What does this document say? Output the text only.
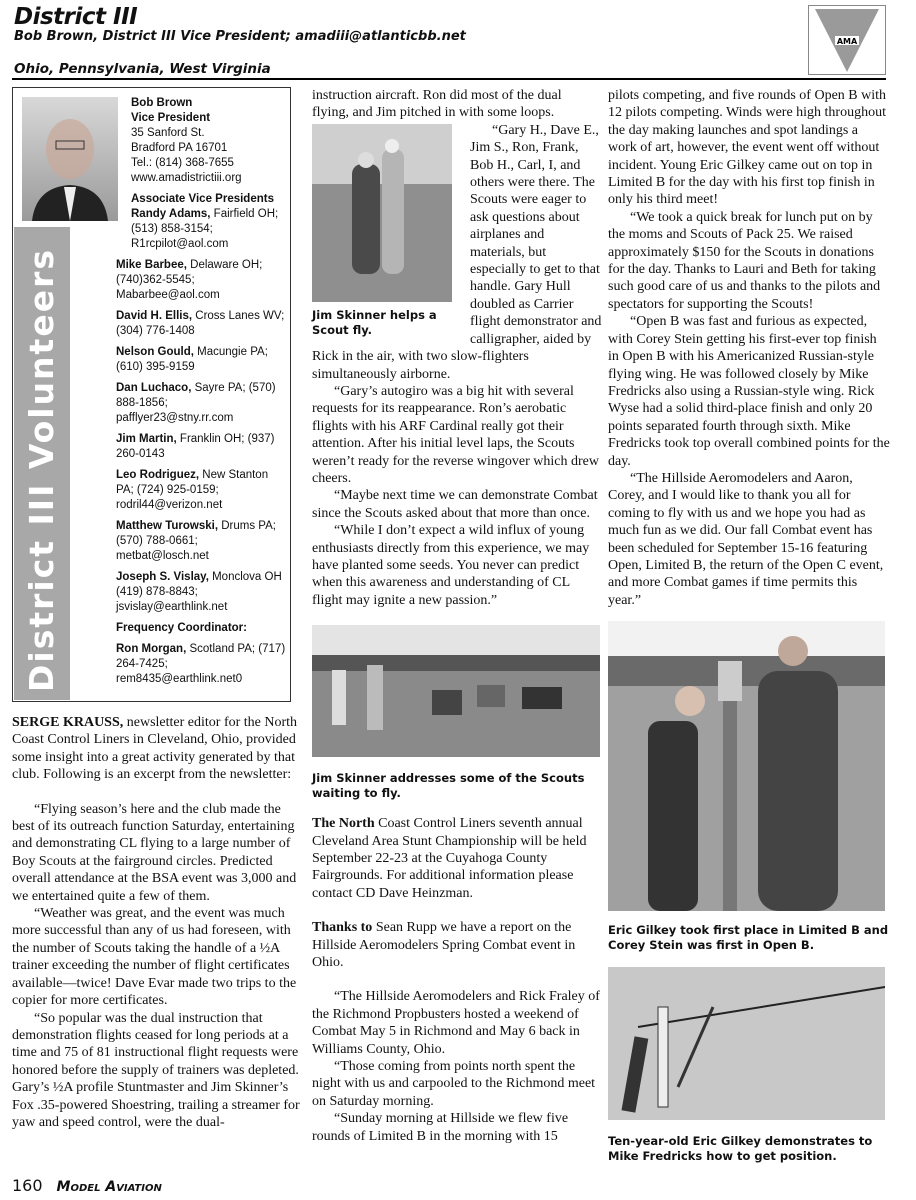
District III
Bob Brown, District III Vice President; amadiii@atlanticbb.net
Ohio, Pennsylvania, West Virginia
AMA
District III Volunteers
Bob Brown
Vice President
35 Sanford St.
Bradford PA 16701
Tel.: (814) 368-7655
www.amadistrictiii.org
Associate Vice Presidents
Randy Adams, Fairfield OH; (513) 858-3154; R1rcpilot@aol.com
Mike Barbee, Delaware OH; (740)362-5545; Mabarbee@aol.com
David H. Ellis, Cross Lanes WV; (304) 776-1408
Nelson Gould, Macungie PA; (610) 395-9159
Dan Luchaco, Sayre PA; (570) 888-1856; pafflyer23@stny.rr.com
Jim Martin, Franklin OH; (937) 260-0143
Leo Rodriguez, New Stanton PA; (724) 925-0159; rodril44@verizon.net
Matthew Turowski, Drums PA; (570) 788-0661; metbat@losch.net
Joseph S. Vislay, Monclova OH (419) 878-8843; jsvislay@earthlink.net
Frequency Coordinator:
Ron Morgan, Scotland PA; (717) 264-7425; rem8435@earthlink.net0

SERGE KRAUSS, newsletter editor for the North Coast Control Liners in Cleveland, Ohio, provided some insight into a great activity generated by that club. Following is an excerpt from the newsletter:

“Flying season’s here and the club made the best of its outreach function Saturday, entertaining and demonstrating CL flying to a large number of Boy Scouts at the fairground circles. Predicted overall attendance at the BSA event was 3,000 and we entertained quite a few of them.

“Weather was great, and the event was much more successful than any of us had foreseen, with the number of Scouts taking the handle of a ½A trainer exceeding the number of flight certificates available—twice! Dave Evar made two trips to the copier for more certificates.

“So popular was the dual instruction that demonstration flights ceased for long periods at a time and 75 of 81 instructional flight requests were honored before the supply of trainers was depleted. Gary’s ½A profile Stuntmaster and Jim Skinner’s Fox .35-powered Shoestring, trailing a streamer for yaw and speed control, were the dual-

160 Model Aviation

instruction aircraft. Ron did most of the dual flying, and Jim pitched in with some loops.

Jim Skinner helps a Scout fly.

“Gary H., Dave E., Jim S., Ron, Frank, Bob H., Carl, I, and others were there. The Scouts were eager to ask questions about airplanes and materials, but especially to get to that handle. Gary Hull doubled as Carrier flight demonstrator and calligrapher, aided by Rick in the air, with two slow-flighters simultaneously airborne.

“Gary’s autogiro was a big hit with several requests for its reappearance. Ron’s aerobatic flights with his ARF Cardinal really got their attention. After his initial level laps, the Scouts weren’t ready for the reverse wingover which drew cheers.

“Maybe next time we can demonstrate Combat since the Scouts asked about that more than once.

“While I don’t expect a wild influx of young enthusiasts directly from this experience, we may have planted some seeds. You never can predict when this awareness and understanding of CL flight may ignite a new passion.”

Jim Skinner addresses some of the Scouts waiting to fly.

The North Coast Control Liners seventh annual Cleveland Area Stunt Championship will be held September 22-23 at the Cuyahoga County Fairgrounds. For additional information please contact CD Dave Heinzman.

Thanks to Sean Rupp we have a report on the Hillside Aeromodelers Spring Combat event in Ohio.

“The Hillside Aeromodelers and Rick Fraley of the Richmond Propbusters hosted a weekend of Combat May 5 in Richmond and May 6 back in Williams County, Ohio.

“Those coming from points north spent the night with us and carpooled to the Richmond meet on Saturday morning.

“Sunday morning at Hillside we flew five rounds of Limited B in the morning with 15

pilots competing, and five rounds of Open B with 12 pilots competing. Winds were high throughout the day making launches and spot landings a work of art, however, the event went off without incident. Young Eric Gilkey came out on top in Limited B for the day with his first top finish in only his third meet!

“We took a quick break for lunch put on by the moms and Scouts of Pack 25. We raised approximately $150 for the Scouts in donations for the day. Thanks to Lauri and Beth for taking such good care of us and thanks to the pilots and spectators for supporting the Scouts!

“Open B was fast and furious as expected, with Corey Stein getting his first-ever top finish in Open B with his Americanized Russian-style flying wing. He was followed closely by Mike Fredricks also using a Russian-style wing. Rick Wyse had a solid third-place finish and only 20 points separated fourth through sixth. Mike Fredricks took top overall combined points for the day.

“The Hillside Aeromodelers and Aaron, Corey, and I would like to thank you all for coming to fly with us and we hope you had as much fun as we did. Our fall Combat event has been scheduled for September 15-16 featuring Open, Limited B, the return of the Open C event, and more Combat games if time permits this year.”

Eric Gilkey took first place in Limited B and Corey Stein was first in Open B.
Ten-year-old Eric Gilkey demonstrates to Mike Fredricks how to get position.
